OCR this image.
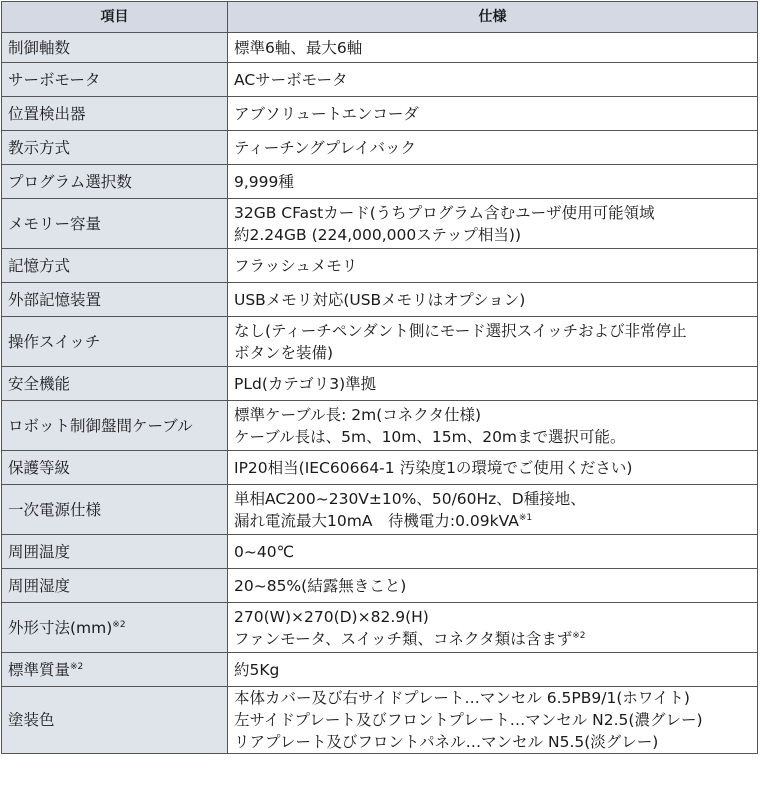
項目	仕様
制御軸数	標準6軸、最大6軸

サーボモータ	ACサーボモータ

位置検出器	アブソリュートエンコーダ

教示方式	ティーチングプレイバック

プログラム選択数	9,999種

メモリー容量	32GB CFastカード(うちプログラム含むユーザ使用可能領域
約2.24GB (224,000,000ステップ相当))

記憶方式	フラッシュメモリ

外部記憶装置	USBメモリ対応(USBメモリはオプション)

操作スイッチ	なし(ティーチペンダント側にモード選択スイッチおよび非常停止
ボタンを装備)

安全機能	PLd(カテゴリ3)準拠

ロボット制御盤間ケーブル	標準ケーブル長: 2m(コネクタ仕様)
ケーブル長は、5m、10m、15m、20mまで選択可能。

保護等級	IP20相当(IEC60664-1 汚染度1の環境でご使用ください)

一次電源仕様	単相AC200~230V±10%、50/60Hz、D種接地、
漏れ電流最大10mA　待機電力:0.09kVA$^{※1}$

周囲温度	0~40℃

周囲湿度	20~85%(結露無きこと)

外形寸法(mm)$^{※2}$	270(W)×270(D)×82.9(H)
ファンモータ、スイッチ類、コネクタ類は含まず$^{※2}$

標準質量$^{※2}$	約5Kg

塗装色	本体カバー及び右サイドプレート…マンセル 6.5PB9/1(ホワイト)
左サイドプレート及びフロントプレート…マンセル N2.5(濃グレー)
リアプレート及びフロントパネル…マンセル N5.5(淡グレー)
